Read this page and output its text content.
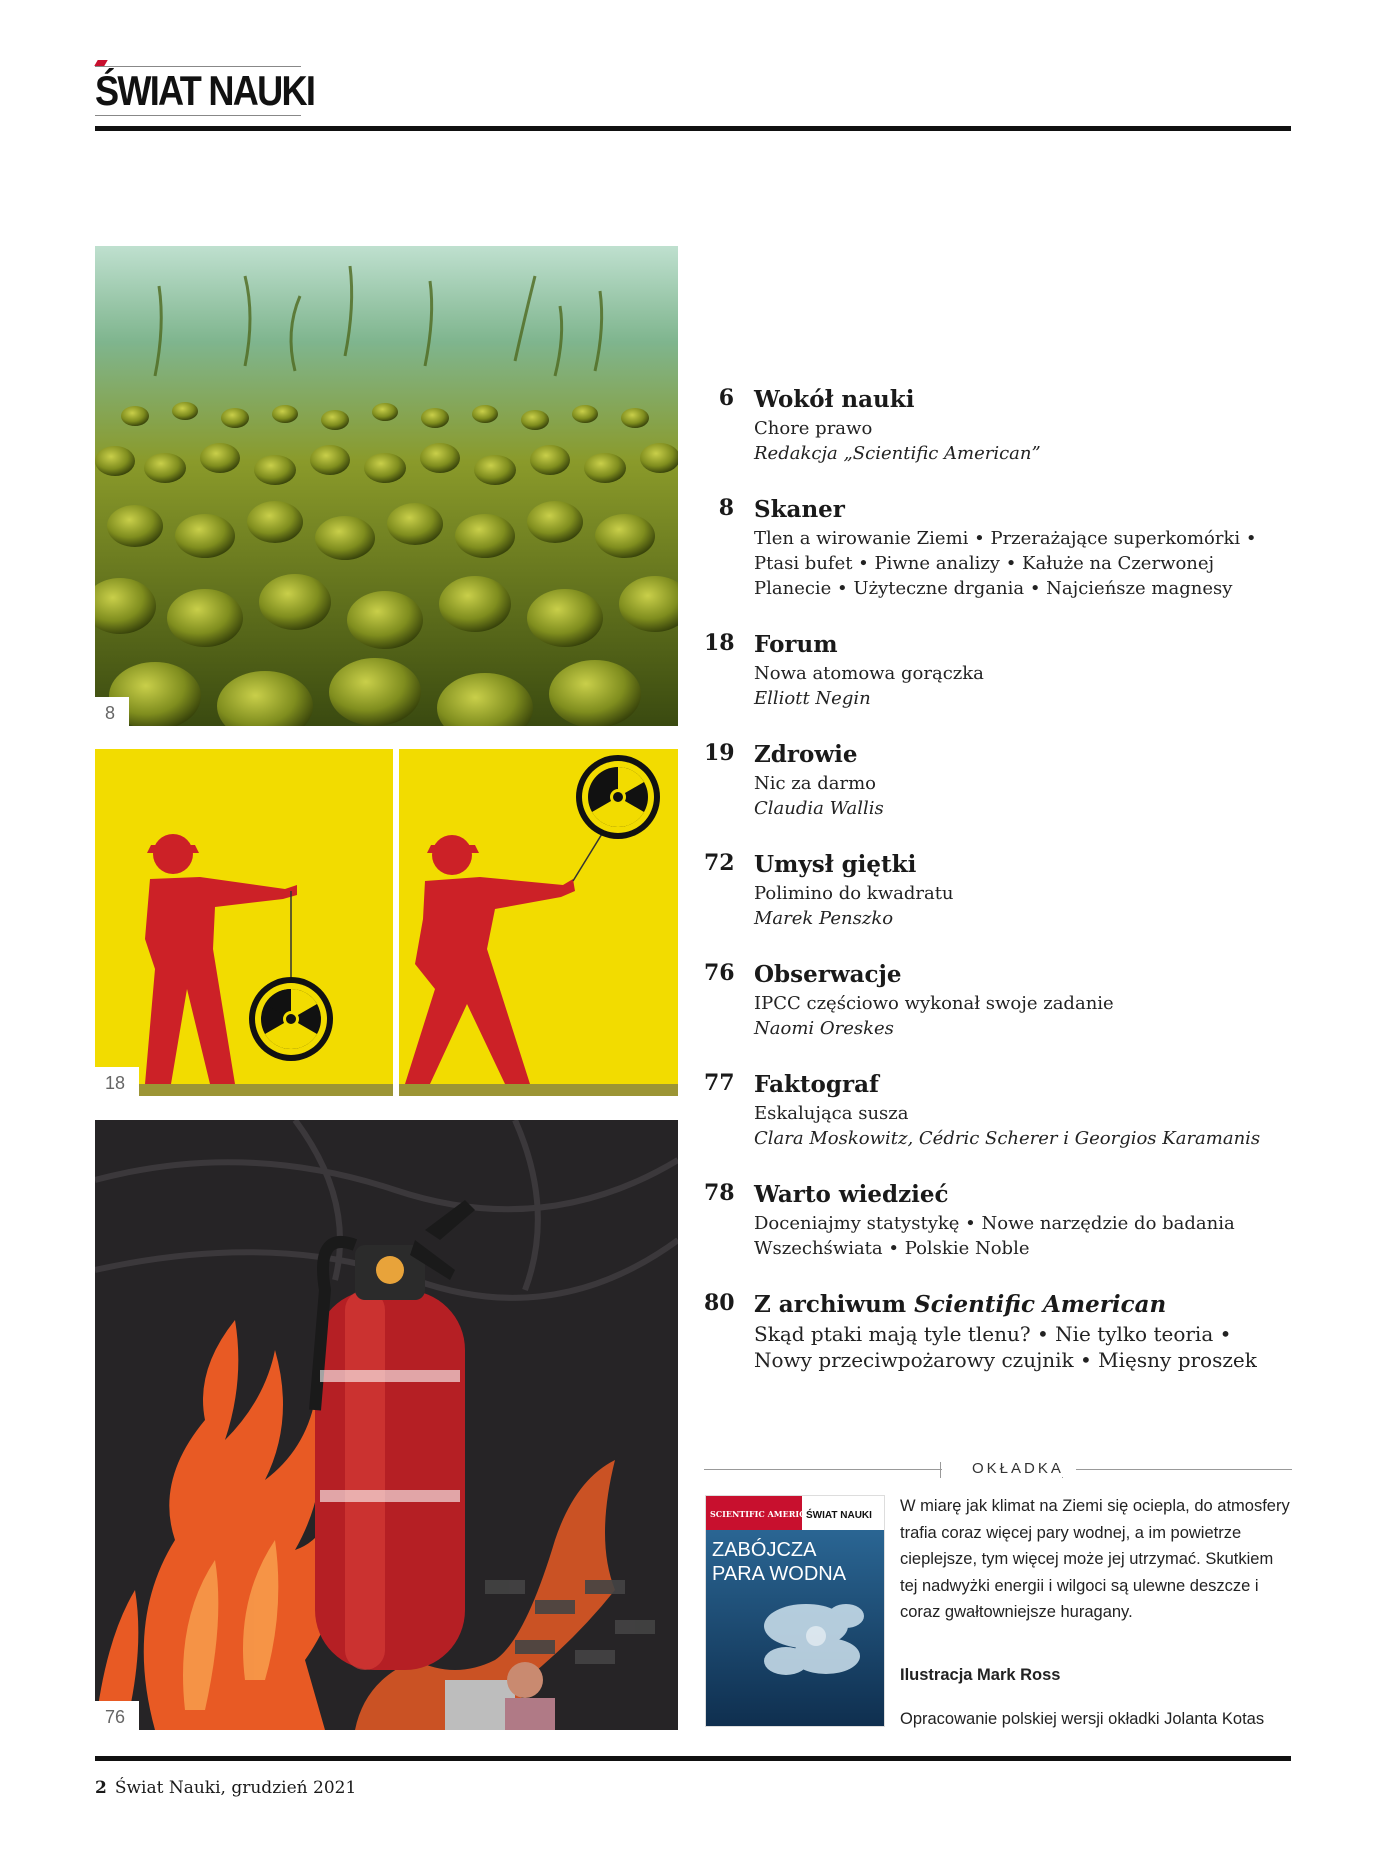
ŚWIAT NAUKI
8
18
76
6 Wokół nauki
Chore prawo
Redakcja „Scientific American”
8 Skaner
Tlen a wirowanie Ziemi • Przerażające superkomórki • Ptasi bufet • Piwne analizy • Kałuże na Czerwonej Planecie • Użyteczne drgania • Najcieńsze magnesy
18 Forum
Nowa atomowa gorączka
Elliott Negin
19 Zdrowie
Nic za darmo
Claudia Wallis
72 Umysł giętki
Polimino do kwadratu
Marek Penszko
76 Obserwacje
IPCC częściowo wykonał swoje zadanie
Naomi Oreskes
77 Faktograf
Eskalująca susza
Clara Moskowitz, Cédric Scherer i Georgios Karamanis
78 Warto wiedzieć
Doceniajmy statystykę • Nowe narzędzie do badania Wszechświata • Polskie Noble
80 Z archiwum Scientific American
Skąd ptaki mają tyle tlenu? • Nie tylko teoria • Nowy przeciwpożarowy czujnik • Mięsny proszek
OKŁADKA
SCIENTIFIC AMERICAN
ŚWIAT NAUKI
ZABÓJCZA
PARA WODNA
W miarę jak klimat na Ziemi się ociepla, do atmosfery trafia coraz więcej pary wodnej, a im powietrze cieplejsze, tym więcej może jej utrzymać. Skutkiem tej nadwyżki energii i wilgoci są ulewne deszcze i coraz gwałtowniejsze huragany.
Ilustracja Mark Ross
Opracowanie polskiej wersji okładki Jolanta Kotas
2 Świat Nauki, grudzień 2021
